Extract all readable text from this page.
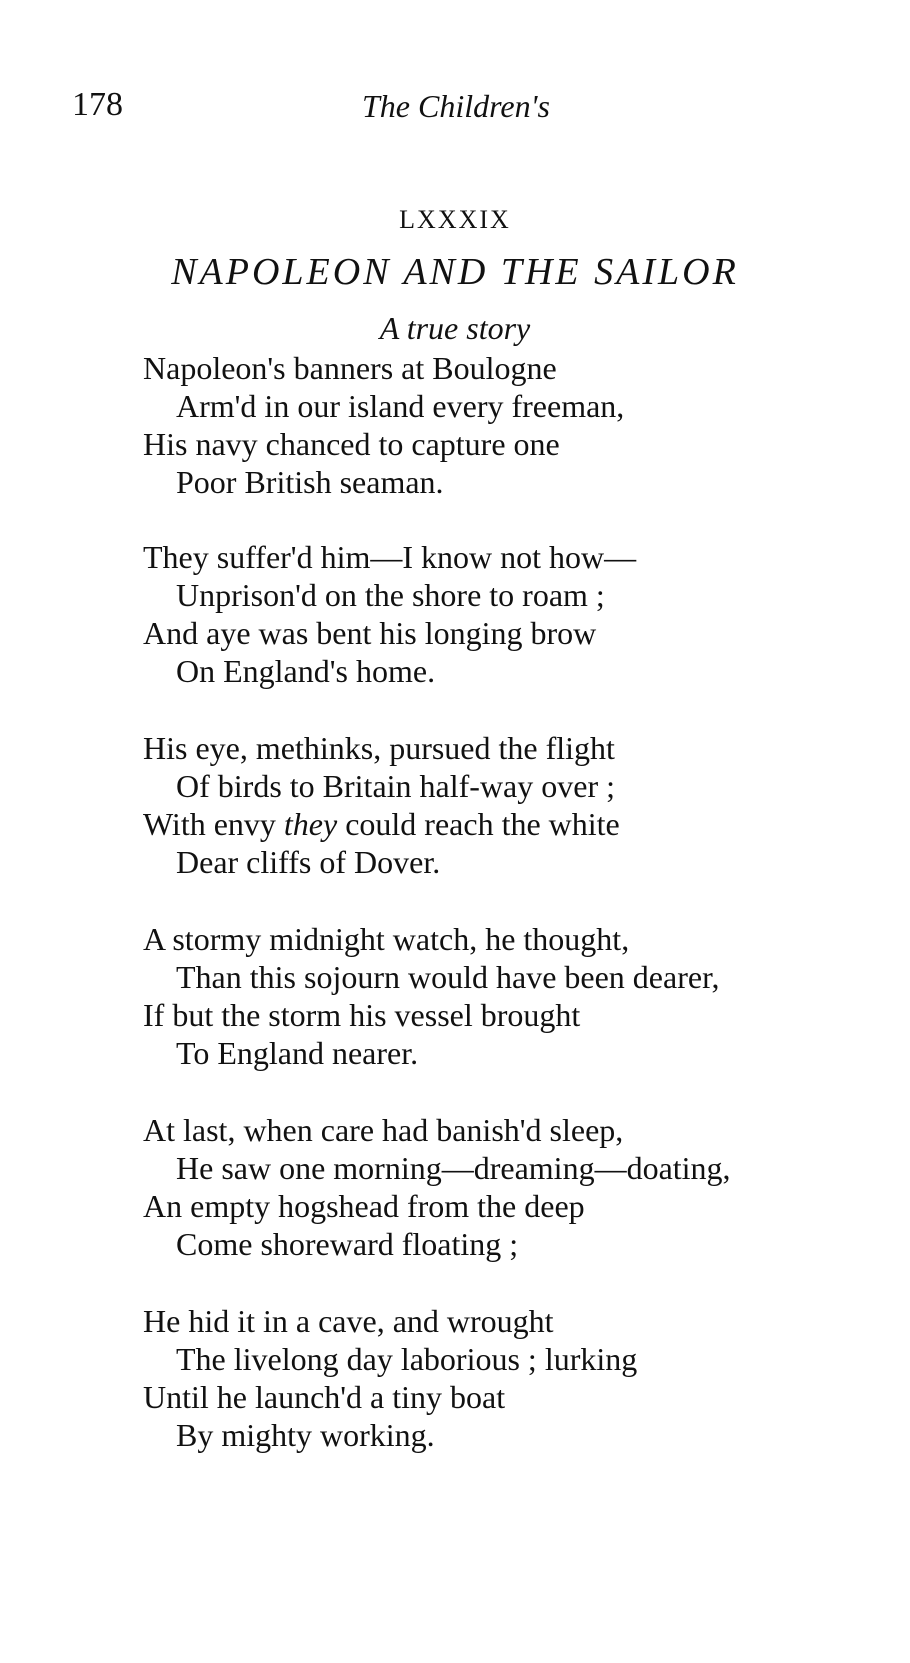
178	The Children's
LXXXIX
NAPOLEON AND THE SAILOR
A true story
Napoleon's banners at Boulogne
Arm'd in our island every freeman,
His navy chanced to capture one
Poor British seaman.
They suffer'd him—I know not how—
Unprison'd on the shore to roam ;
And aye was bent his longing brow
On England's home.
His eye, methinks, pursued the flight
Of birds to Britain half-way over ;
With envy they could reach the white
Dear cliffs of Dover.
A stormy midnight watch, he thought,
Than this sojourn would have been dearer,
If but the storm his vessel brought
To England nearer.
At last, when care had banish'd sleep,
He saw one morning—dreaming—doating,
An empty hogshead from the deep
Come shoreward floating ;
He hid it in a cave, and wrought
The livelong day laborious ; lurking
Until he launch'd a tiny boat
By mighty working.
